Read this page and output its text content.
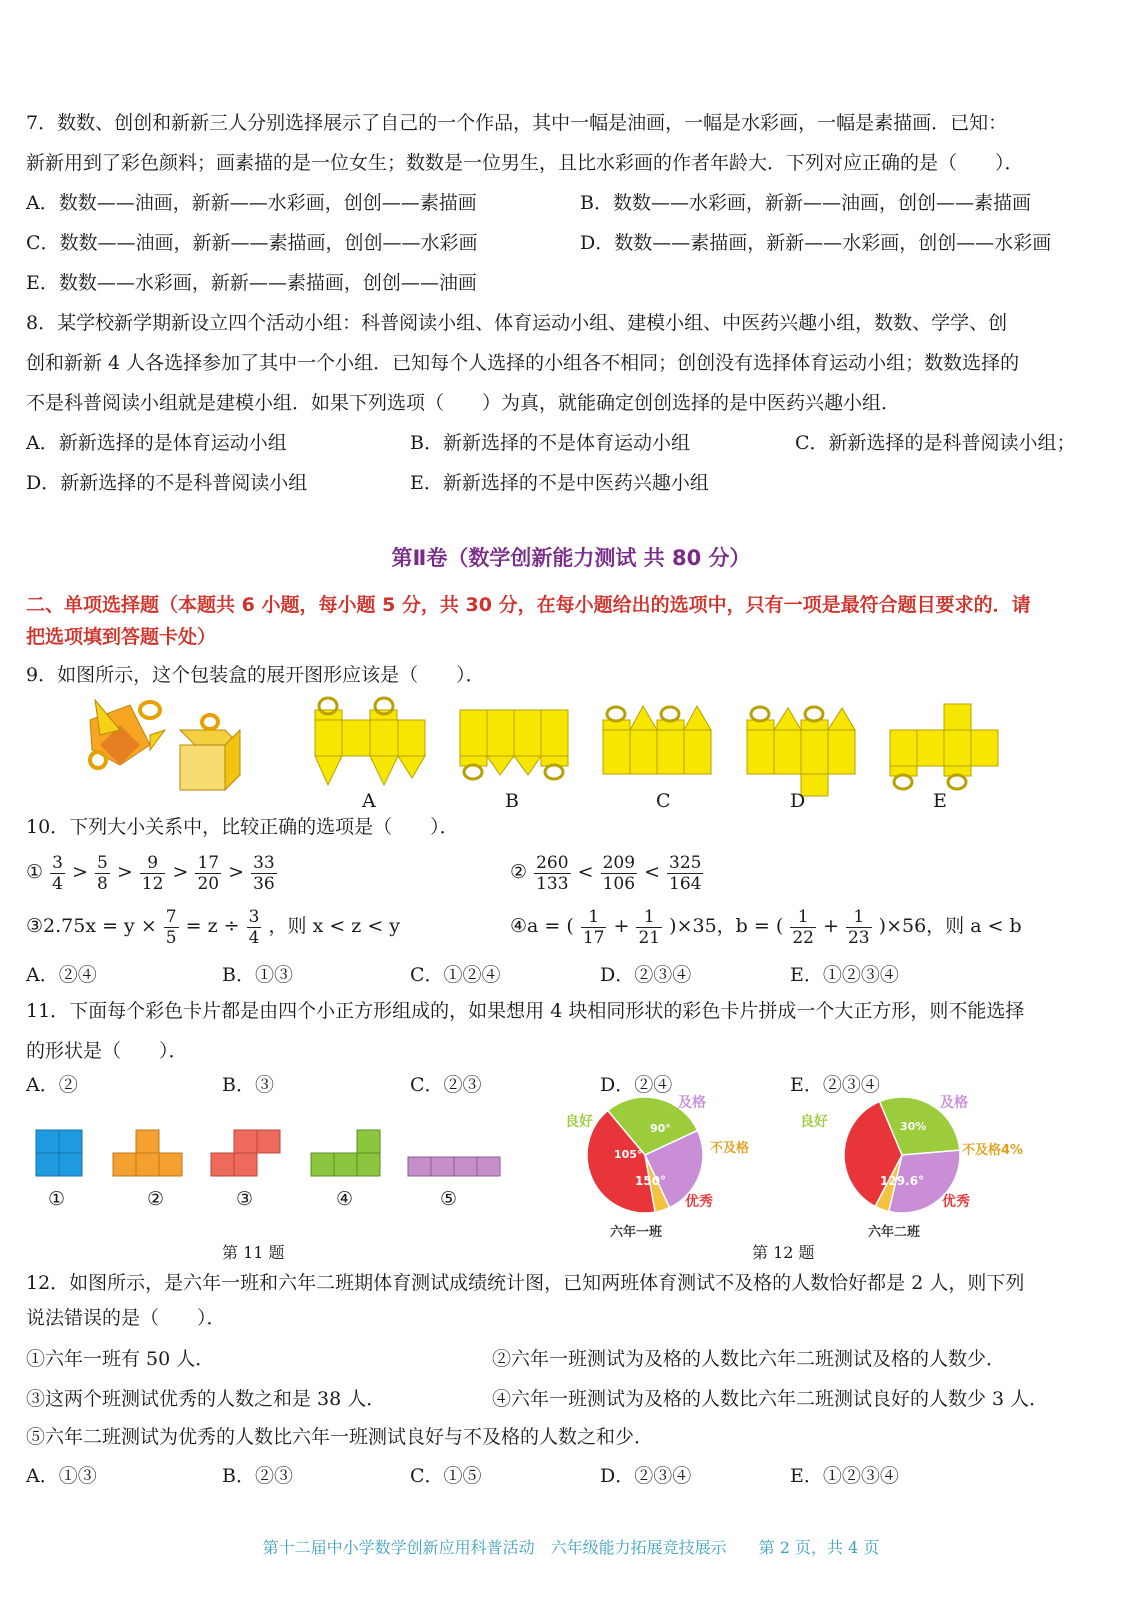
7．数数、创创和新新三人分别选择展示了自己的一个作品，其中一幅是油画，一幅是水彩画，一幅是素描画．已知：
新新用到了彩色颜料；画素描的是一位女生；数数是一位男生，且比水彩画的作者年龄大．下列对应正确的是（　　）．
A．数数——油画，新新——水彩画，创创——素描画	B．数数——水彩画，新新——油画，创创——素描画
C．数数——油画，新新——素描画，创创——水彩画	D．数数——素描画，新新——水彩画，创创——水彩画
E．数数——水彩画，新新——素描画，创创——油画
8．某学校新学期新设立四个活动小组：科普阅读小组、体育运动小组、建模小组、中医药兴趣小组，数数、学学、创
创和新新 4 人各选择参加了其中一个小组．已知每个人选择的小组各不相同；创创没有选择体育运动小组；数数选择的
不是科普阅读小组就是建模小组．如果下列选项（　　）为真，就能确定创创选择的是中医药兴趣小组．
A．新新选择的是体育运动小组	B．新新选择的不是体育运动小组	C．新新选择的是科普阅读小组；
D．新新选择的不是科普阅读小组	E．新新选择的不是中医药兴趣小组
第Ⅱ卷（数学创新能力测试 共 80 分）
二、单项选择题（本题共 6 小题，每小题 5 分，共 30 分，在每小题给出的选项中，只有一项是最符合题目要求的．请
把选项填到答题卡处）
9．如图所示，这个包装盒的展开图形应该是（　　）．
A	B	C	D	E
10．下列大小关系中，比较正确的选项是（　　）．
① $\frac{3}{4} > \frac{5}{8} > \frac{9}{12} > \frac{17}{20} > \frac{33}{36}$	② $\frac{260}{133} < \frac{209}{106} < \frac{325}{164}$
③2.75x = $y \times \frac{7}{5} = z \div \frac{3}{4}$ ，则 x < z < y	④a = ( $\frac{1}{17} + \frac{1}{21} )\times 35$，b = ( $\frac{1}{22} + \frac{1}{23} )\times 56$，则 a < b
A．②④	B．①③	C．①②④	D．②③④	E．①②③④
11．下面每个彩色卡片都是由四个小正方形组成的，如果想用 4 块相同形状的彩色卡片拼成一个大正方形，则不能选择
的形状是（　　）．
A．②	B．③	C．②③	D．②④	E．②③④
①	②	③	④	⑤
第 11 题
良好
及格
不及格
优秀
105°
90°
150°
六年一班
良好
及格
不及格4%
优秀
30%
129.6°
六年二班
第 12 题
12．如图所示，是六年一班和六年二班期体育测试成绩统计图，已知两班体育测试不及格的人数恰好都是 2 人，则下列
说法错误的是（　　）．
①六年一班有 50 人．	②六年一班测试为及格的人数比六年二班测试及格的人数少．
③这两个班测试优秀的人数之和是 38 人．	④六年一班测试为及格的人数比六年二班测试良好的人数少 3 人．
⑤六年二班测试为优秀的人数比六年一班测试良好与不及格的人数之和少．
A．①③	B．②③	C．①⑤	D．②③④	E．①②③④
第十二届中小学数学创新应用科普活动　六年级能力拓展竞技展示　　第 2 页，共 4 页
